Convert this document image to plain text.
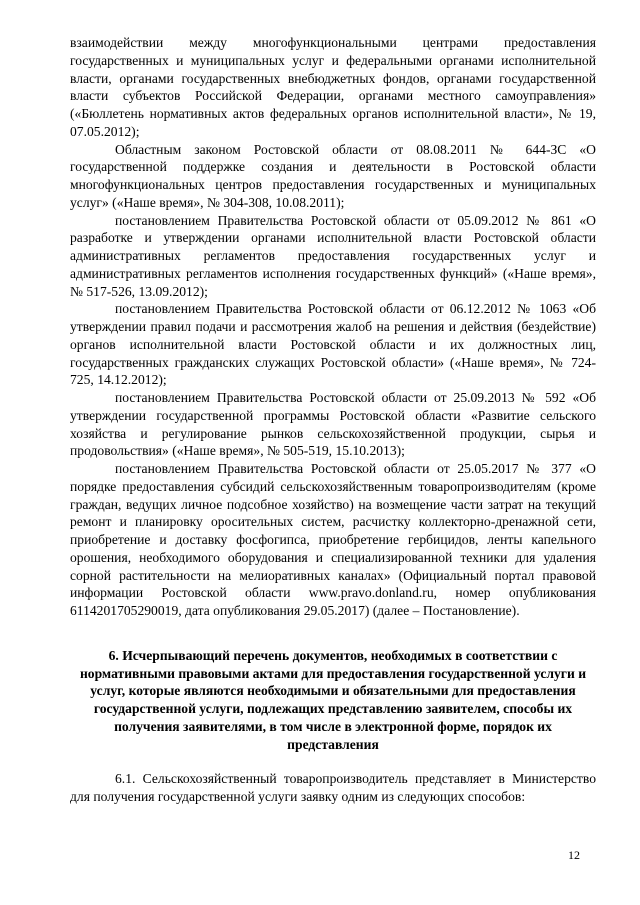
взаимодействии между многофункциональными центрами предоставления государственных и муниципальных услуг и федеральными органами исполнительной власти, органами государственных внебюджетных фондов, органами государственной власти субъектов Российской Федерации, органами местного самоуправления» («Бюллетень нормативных актов федеральных органов исполнительной власти», № 19, 07.05.2012);

Областным законом Ростовской области от 08.08.2011 № 644-ЗС «О государственной поддержке создания и деятельности в Ростовской области многофункциональных центров предоставления государственных и муниципальных услуг» («Наше время», № 304-308, 10.08.2011);

постановлением Правительства Ростовской области от 05.09.2012 № 861 «О разработке и утверждении органами исполнительной власти Ростовской области административных регламентов предоставления государственных услуг и административных регламентов исполнения государственных функций» («Наше время», № 517-526, 13.09.2012);

постановлением Правительства Ростовской области от 06.12.2012 № 1063 «Об утверждении правил подачи и рассмотрения жалоб на решения и действия (бездействие) органов исполнительной власти Ростовской области и их должностных лиц, государственных гражданских служащих Ростовской области» («Наше время», № 724-725, 14.12.2012);

постановлением Правительства Ростовской области от 25.09.2013 № 592 «Об утверждении государственной программы Ростовской области «Развитие сельского хозяйства и регулирование рынков сельскохозяйственной продукции, сырья и продовольствия» («Наше время», № 505-519, 15.10.2013);

постановлением Правительства Ростовской области от 25.05.2017 № 377 «О порядке предоставления субсидий сельскохозяйственным товаропроизводителям (кроме граждан, ведущих личное подсобное хозяйство) на возмещение части затрат на текущий ремонт и планировку оросительных систем, расчистку коллекторно-дренажной сети, приобретение и доставку фосфогипса, приобретение гербицидов, ленты капельного орошения, необходимого оборудования и специализированной техники для удаления сорной растительности на мелиоративных каналах» (Официальный портал правовой информации Ростовской области www.pravo.donland.ru, номер опубликования 6114201705290019, дата опубликования 29.05.2017) (далее – Постановление).

6. Исчерпывающий перечень документов, необходимых в соответствии с нормативными правовыми актами для предоставления государственной услуги и услуг, которые являются необходимыми и обязательными для предоставления государственной услуги, подлежащих представлению заявителем, способы их получения заявителями, в том числе в электронной форме, порядок их представления

6.1. Сельскохозяйственный товаропроизводитель представляет в Министерство для получения государственной услуги заявку одним из следующих способов:

12
